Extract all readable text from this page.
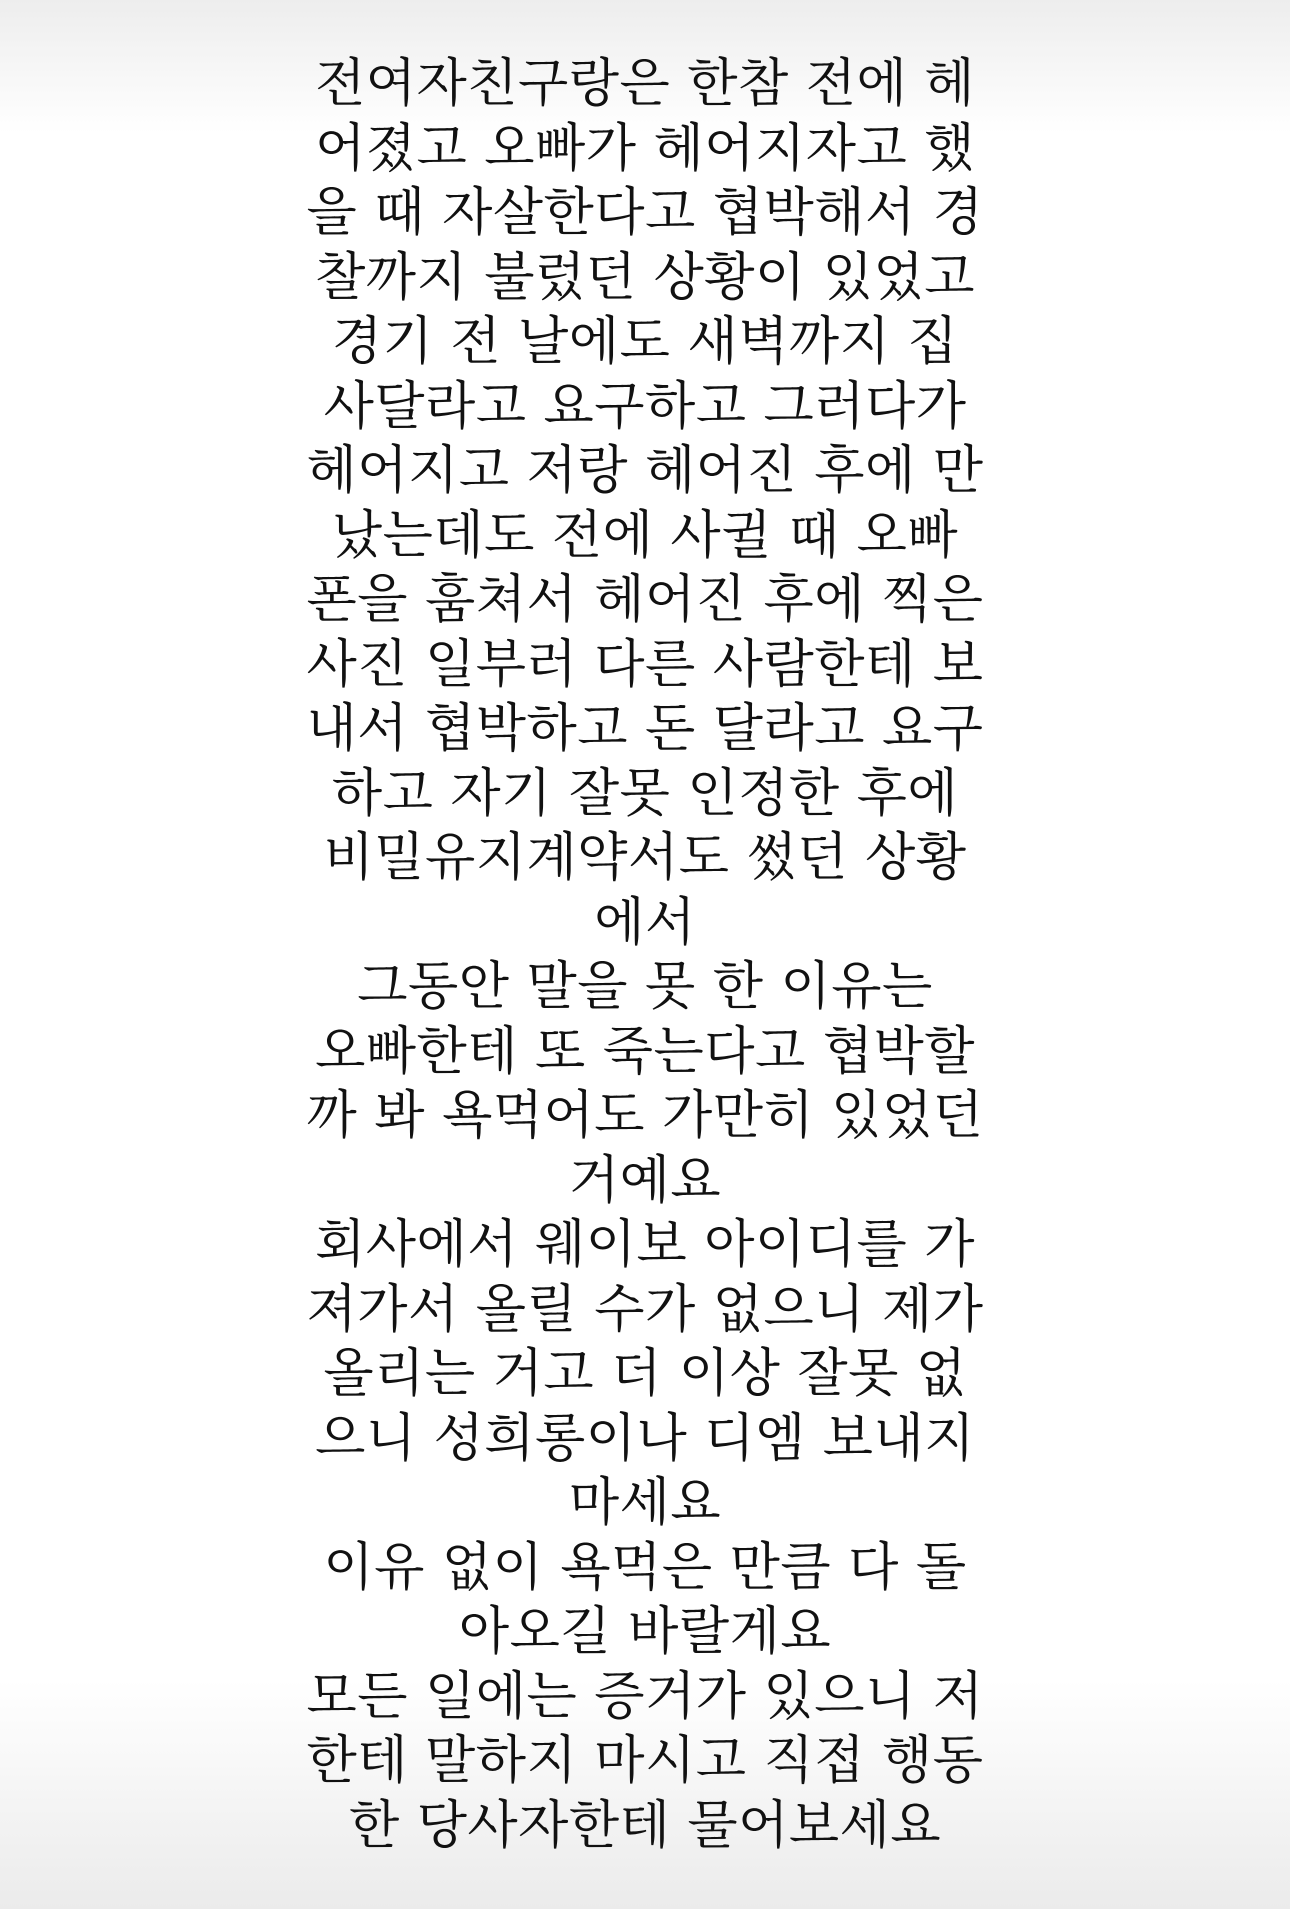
전여자친구랑은 한참 전에 헤
어졌고 오빠가 헤어지자고 했
을 때 자살한다고 협박해서 경
찰까지 불렀던 상황이 있었고
경기 전 날에도 새벽까지 집
사달라고 요구하고 그러다가
헤어지고 저랑 헤어진 후에 만
났는데도 전에 사귈 때 오빠
폰을 훔쳐서 헤어진 후에 찍은
사진 일부러 다른 사람한테 보
내서 협박하고 돈 달라고 요구
하고 자기 잘못 인정한 후에
비밀유지계약서도 썼던 상황
에서
그동안 말을 못 한 이유는
오빠한테 또 죽는다고 협박할
까 봐 욕먹어도 가만히 있었던
거예요
회사에서 웨이보 아이디를 가
져가서 올릴 수가 없으니 제가
올리는 거고 더 이상 잘못 없
으니 성희롱이나 디엠 보내지
마세요
이유 없이 욕먹은 만큼 다 돌
아오길 바랄게요
모든 일에는 증거가 있으니 저
한테 말하지 마시고 직접 행동
한 당사자한테 물어보세요
